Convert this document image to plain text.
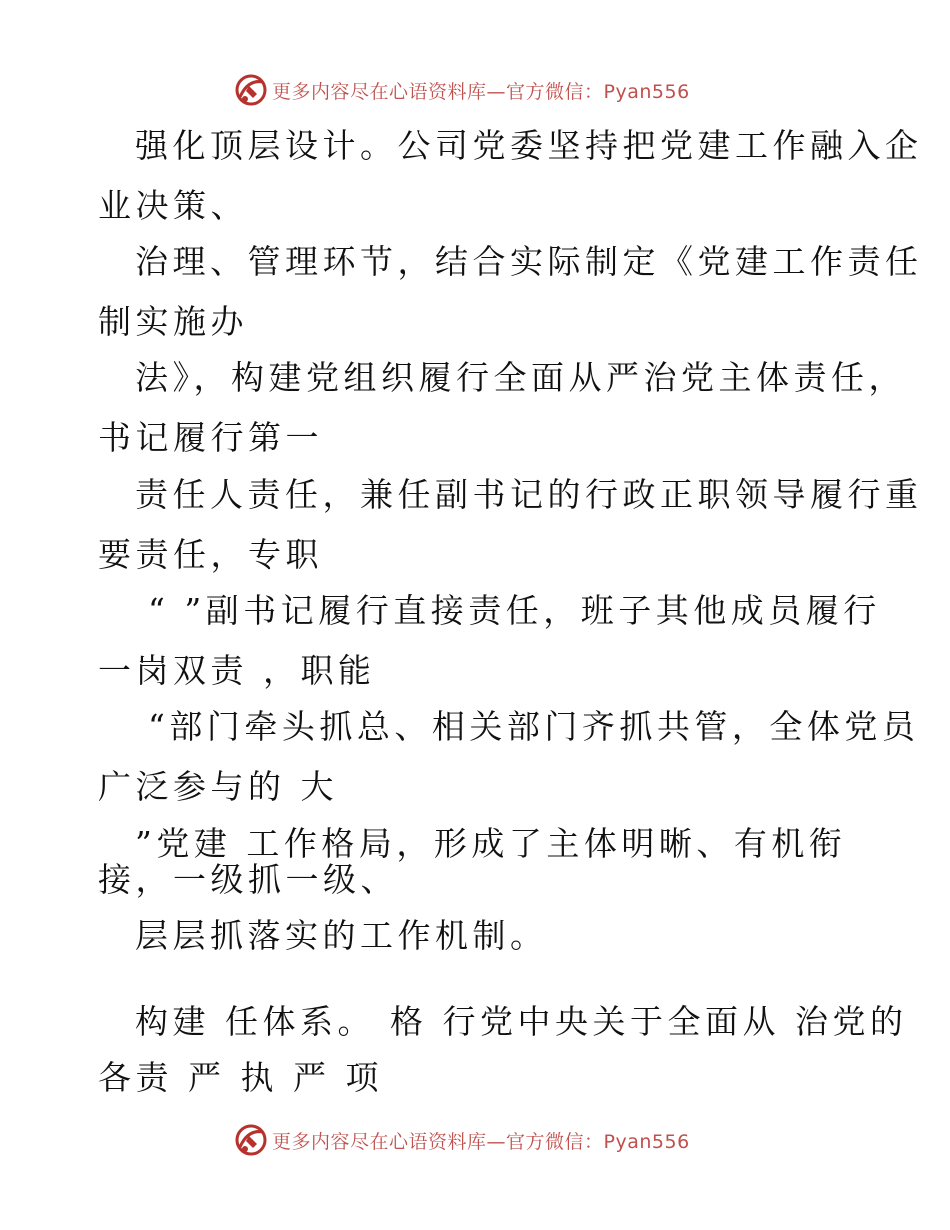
更多内容尽在心语资料库—官方微信：Pyan556
强化顶层设计。公司党委坚持把党建工作融入企
业决策、
治理、管理环节，结合实际制定《党建工作责任
制实施办
法》，构建党组织履行全面从严治党主体责任，
书记履行第一
责任人责任，兼任副书记的行政正职领导履行重
要责任，专职
“ ”副书记履行直接责任，班子其他成员履行
一岗双责 ，职能
“部门牵头抓总、相关部门齐抓共管，全体党员
广泛参与的 大
”党建 工作格局，形成了主体明晰、有机衔
接，一级抓一级、
层层抓落实的工作机制。
构建 任体系。 格 行党中央关于全面从 治党的
各责 严 执 严 项
更多内容尽在心语资料库—官方微信：Pyan556
